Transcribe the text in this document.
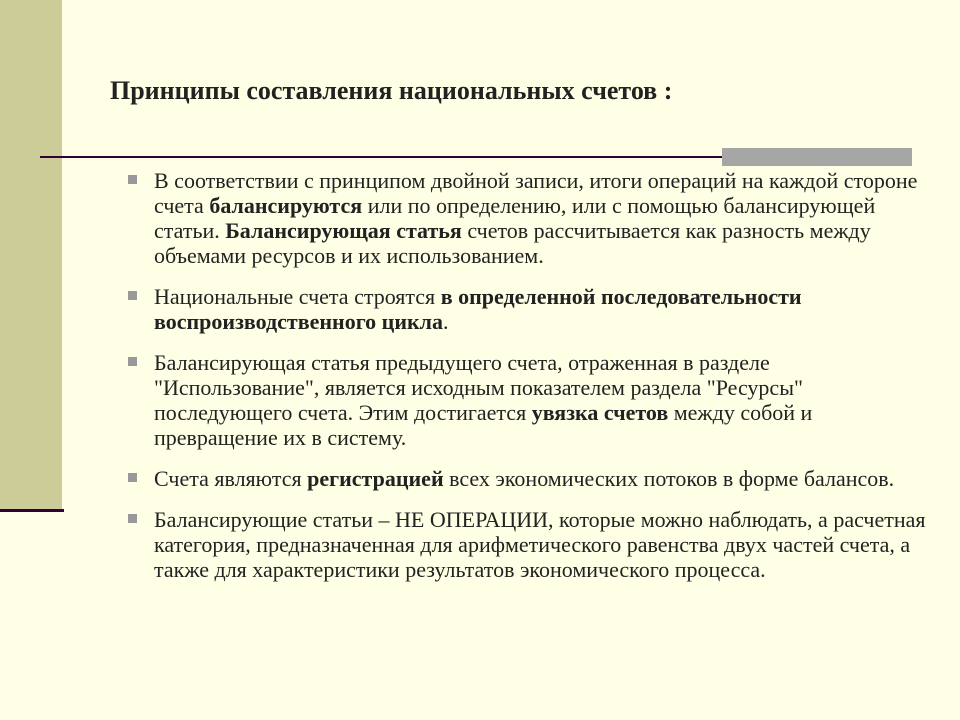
Принципы составления национальных счетов :
В соответствии с принципом двойной записи, итоги операций на каждой стороне счета балансируются или по определению, или с помощью балансирующей статьи. Балансирующая статья счетов рассчитывается как разность между объемами ресурсов и их использованием.
Национальные счета строятся в определенной последовательности воспроизводственного цикла.
Балансирующая статья предыдущего счета, отраженная в разделе "Использование", является исходным показателем раздела "Ресурсы" последующего счета. Этим достигается увязка счетов между собой и превращение их в систему.
Счета являются регистрацией всех экономических потоков в форме балансов.
Балансирующие статьи – НЕ ОПЕРАЦИИ, которые можно наблюдать, а расчетная категория, предназначенная для арифметического равенства двух частей счета, а также для характеристики результатов экономического процесса.
